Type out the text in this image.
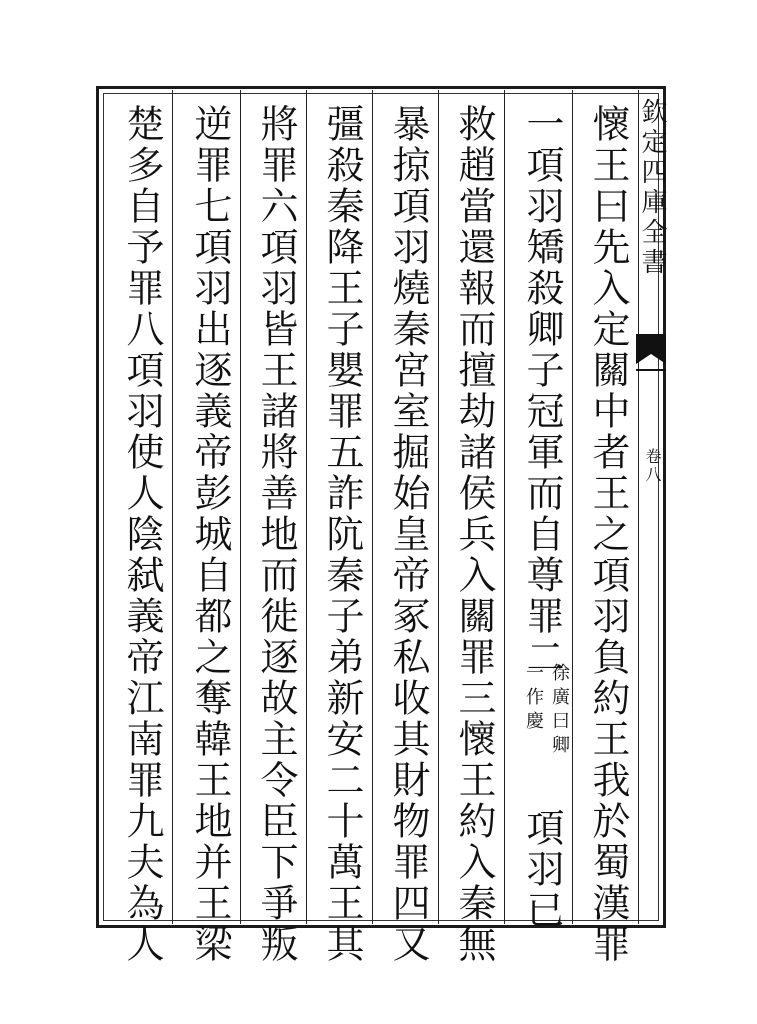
欽定四庫全書
卷八
懷王曰先入定關中者王之項羽負約王我於蜀漢罪
一項羽矯殺卿子冠軍而自尊罪二
徐廣曰卿
一作慶
項羽已
救趙當還報而擅劫諸侯兵入關罪三懷王約入秦無
暴掠項羽燒秦宮室掘始皇帝冢私收其財物罪四又
彊殺秦降王子嬰罪五詐阬秦子弟新安二十萬王其
將罪六項羽皆王諸將善地而徙逐故主令臣下爭叛
逆罪七項羽出逐義帝彭城自都之奪韓王地并王梁
楚多自予罪八項羽使人陰弑義帝江南罪九夫為人
